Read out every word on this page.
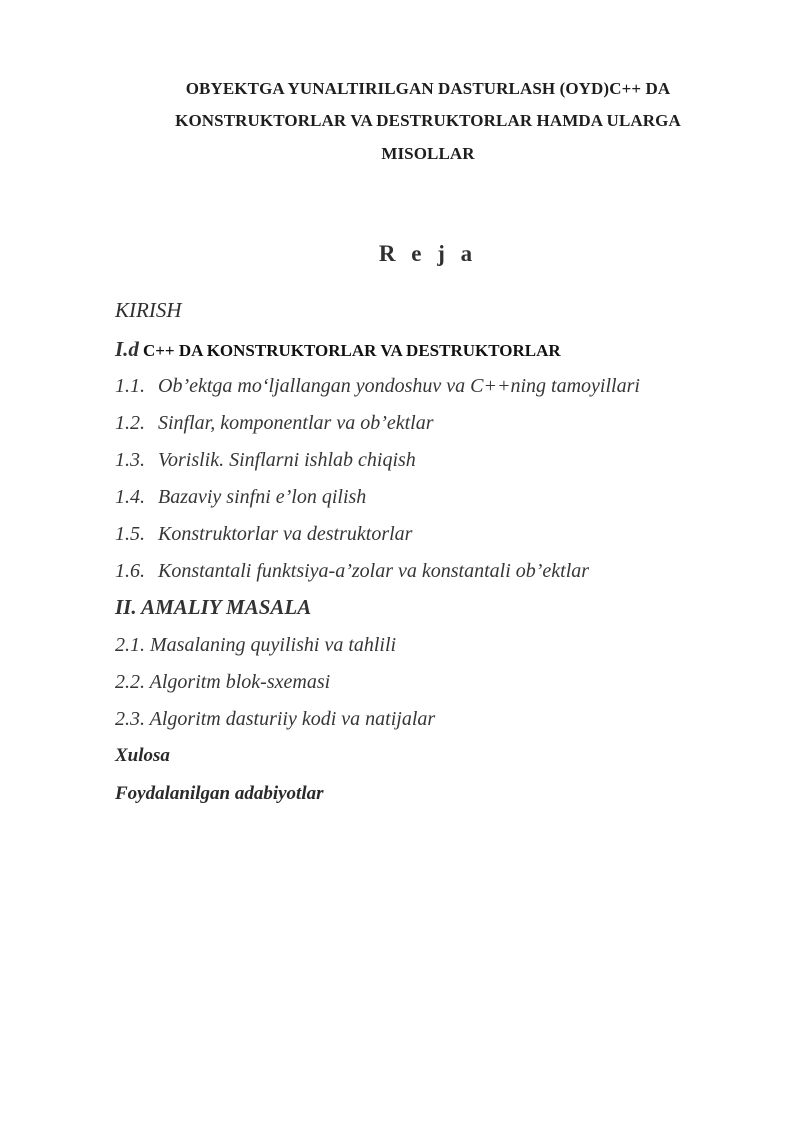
OBYEKTGA YUNALTIRILGAN DASTURLASH (OYD)C++ DA
KONSTRUKTORLAR VA DESTRUKTORLAR HAMDA ULARGA
MISOLLAR
R e j a
KIRISH
I.d C++ DA KONSTRUKTORLAR VA DESTRUKTORLAR
1.1. Ob’ektga mo‘ljallangan yondoshuv va C++ning tamoyillari
1.2. Sinflar, komponentlar va ob’ektlar
1.3. Vorislik. Sinflarni ishlab chiqish
1.4. Bazaviy sinfni e’lon qilish
1.5. Konstruktorlar va destruktorlar
1.6. Konstantali funktsiya-a’zolar va konstantali ob’ektlar
II. AMALIY MASALA
2.1. Masalaning quyilishi va tahlili
2.2. Algoritm blok-sxemasi
2.3. Algoritm dasturiiy kodi va natijalar
Xulosa
Foydalanilgan adabiyotlar
